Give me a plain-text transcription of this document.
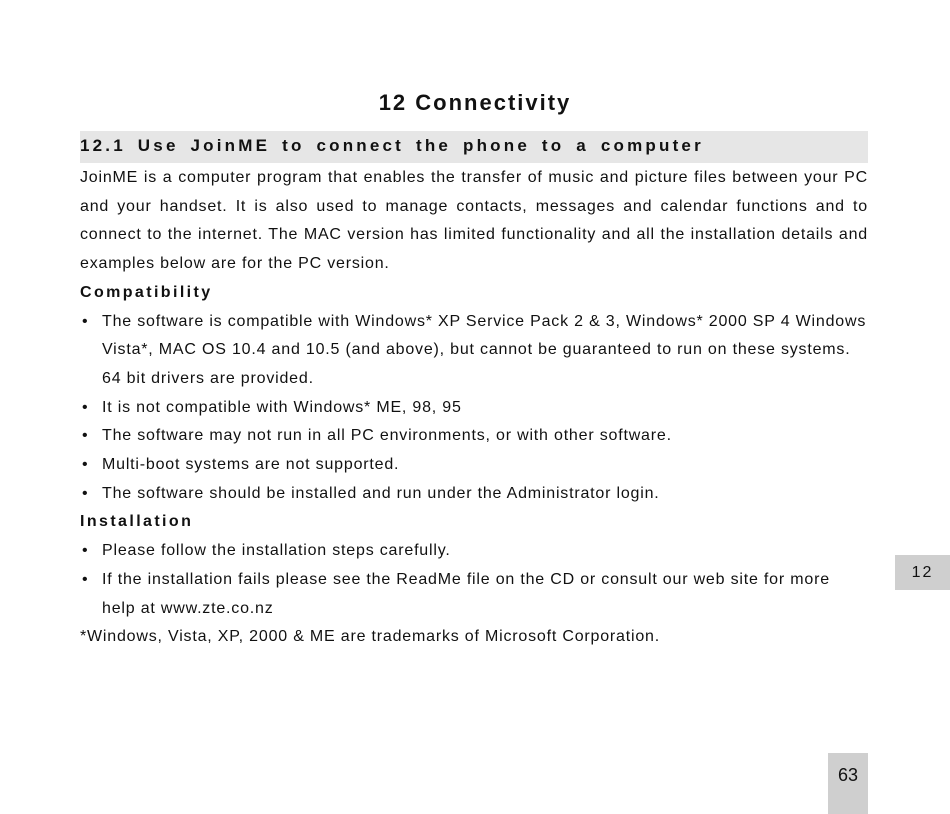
12 Connectivity
12.1 Use JoinME to connect the phone to a computer

JoinME is a computer program that enables the transfer of music and picture files between your PC and your handset. It is also used to manage contacts, messages and calendar functions and to connect to the internet. The MAC version has limited functionality and all the installation details and examples below are for the PC version.

Compatibility

• The software is compatible with Windows* XP Service Pack 2 & 3, Windows* 2000 SP 4 Windows Vista*, MAC OS 10.4 and 10.5 (and above), but cannot be guaranteed to run on these systems. 64 bit drivers are provided.
• It is not compatible with Windows* ME, 98, 95
• The software may not run in all PC environments, or with other software.
• Multi-boot systems are not supported.
• The software should be installed and run under the Administrator login.

Installation

• Please follow the installation steps carefully.
• If the installation fails please see the ReadMe file on the CD or consult our web site for more help at www.zte.co.nz

*Windows, Vista, XP, 2000 & ME are trademarks of Microsoft Corporation.

12
63
